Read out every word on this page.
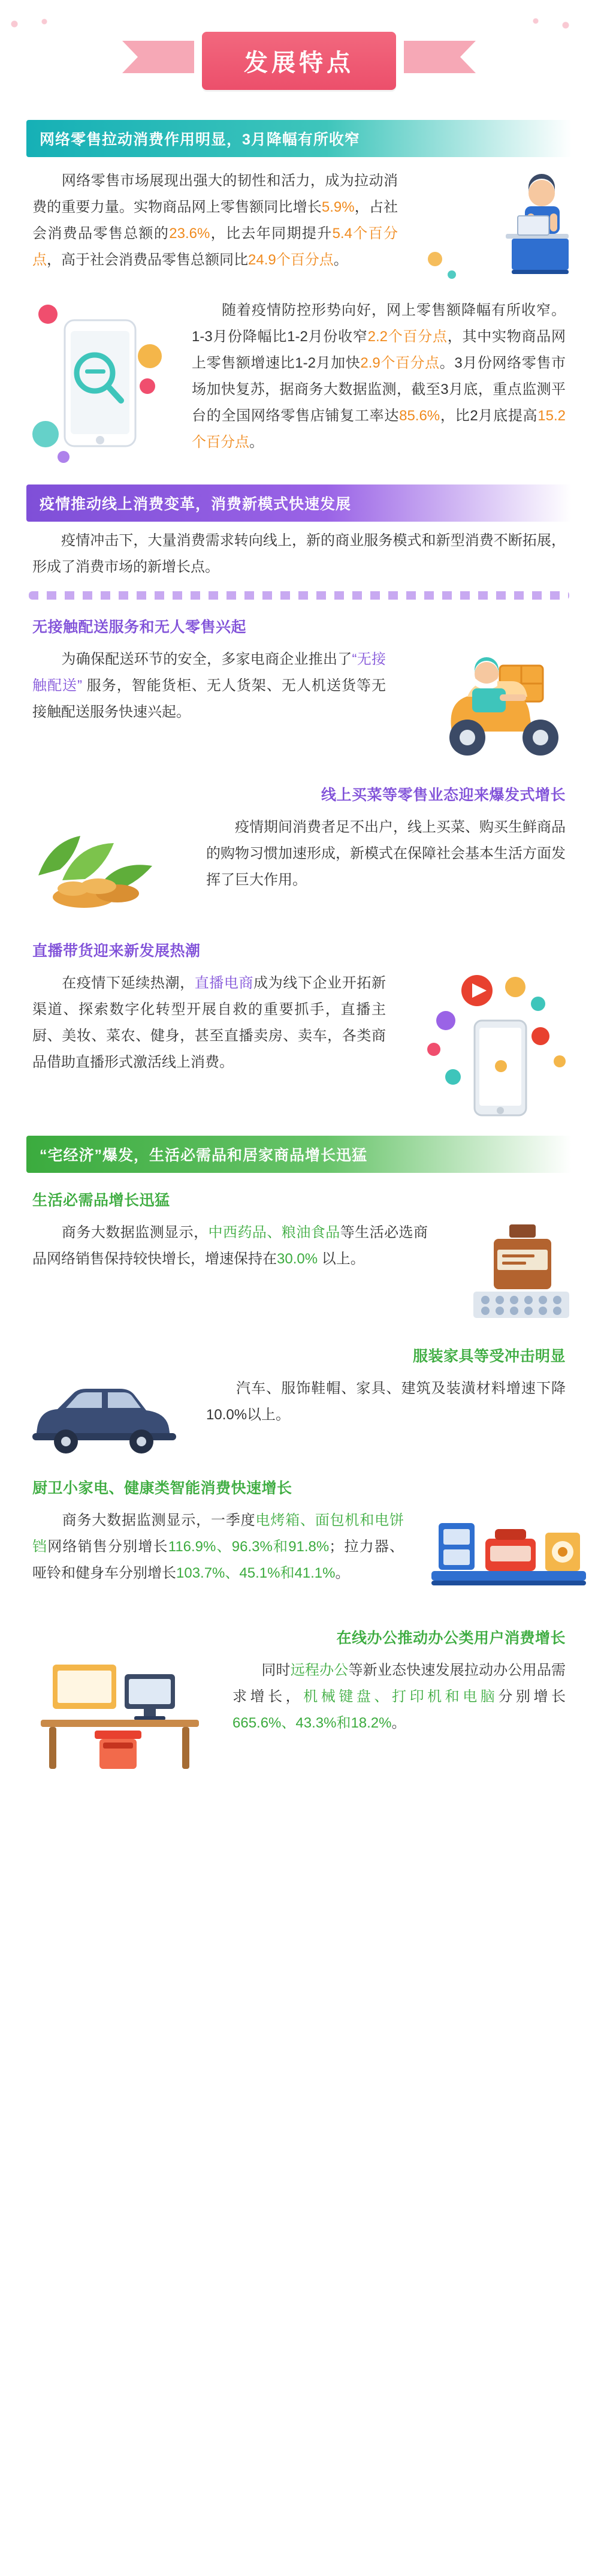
发展特点
网络零售拉动消费作用明显，3月降幅有所收窄

　　网络零售市场展现出强大的韧性和活力，成为拉动消费的重要力量。实物商品网上零售额同比增长5.9%，占社会消费品零售总额的23.6%，比去年同期提升5.4个百分点，高于社会消费品零售总额同比24.9个百分点。

　　随着疫情防控形势向好，网上零售额降幅有所收窄。 1-3月份降幅比1-2月份收窄2.2个百分点，其中实物商品网上零售额增速比1-2月加快2.9个百分点。3月份网络零售市场加快复苏，据商务大数据监测，截至3月底，重点监测平台的全国网络零售店铺复工率达85.6%，比2月底提高15.2个百分点。

疫情推动线上消费变革，消费新模式快速发展

　　疫情冲击下，大量消费需求转向线上，新的商业服务模式和新型消费不断拓展，形成了消费市场的新增长点。

无接触配送服务和无人零售兴起

　　为确保配送环节的安全，多家电商企业推出了“无接触配送” 服务，智能货柜、无人货架、无人机送货等无接触配送服务快速兴起。

线上买菜等零售业态迎来爆发式增长

　　疫情期间消费者足不出户，线上买菜、购买生鲜商品的购物习惯加速形成，新模式在保障社会基本生活方面发挥了巨大作用。

直播带货迎来新发展热潮

　　在疫情下延续热潮，直播电商成为线下企业开拓新渠道、探索数字化转型开展自救的重要抓手，直播主厨、美妆、菜农、健身，甚至直播卖房、卖车，各类商品借助直播形式激活线上消费。

“宅经济”爆发，生活必需品和居家商品增长迅猛
生活必需品增长迅猛

　　商务大数据监测显示，中西药品、粮油食品等生活必选商品网络销售保持较快增长，增速保持在30.0% 以上。

服装家具等受冲击明显

　　汽车、服饰鞋帽、家具、建筑及装潢材料增速下降10.0%以上。

厨卫小家电、健康类智能消费快速增长

　　商务大数据监测显示，一季度电烤箱、面包机和电饼铛网络销售分别增长116.9%、96.3%和91.8%；拉力器、哑铃和健身车分别增长103.7%、45.1%和41.1%。

在线办公推动办公类用户消费增长

　　同时远程办公等新业态快速发展拉动办公用品需求增长，机械键盘、打印机和电脑分别增长665.6%、43.3%和18.2%。
